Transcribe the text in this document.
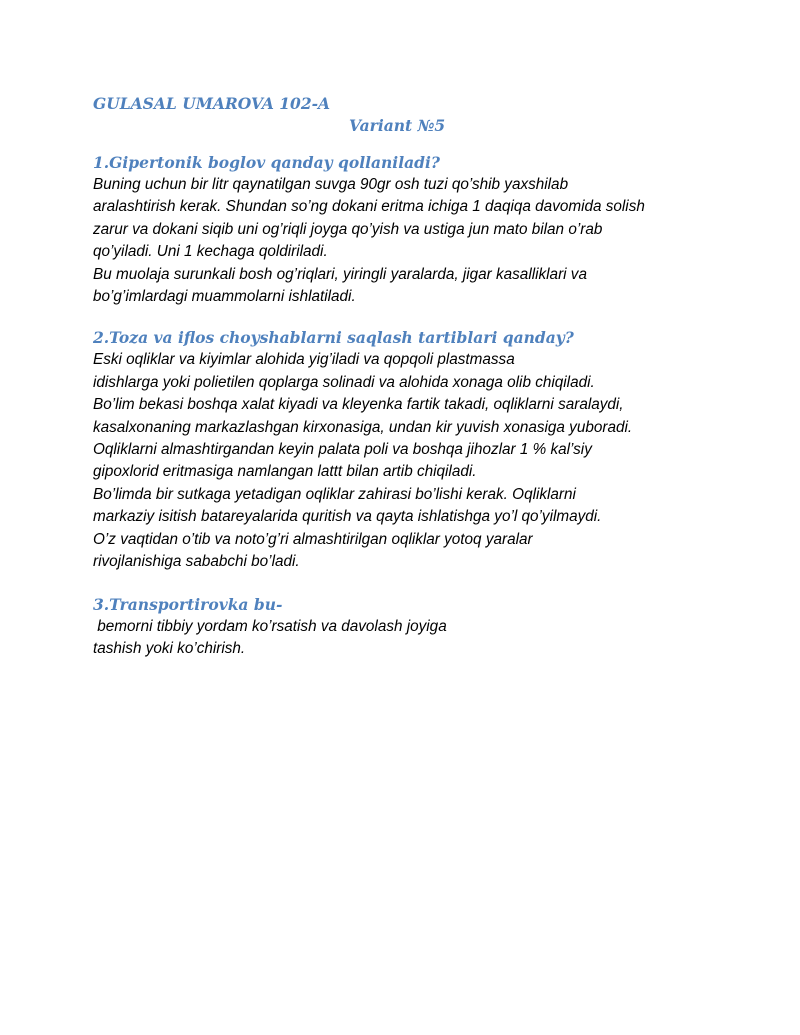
GULASAL UMAROVA 102-A

Variant №5

1.Gipertonik boglov qanday qollaniladi?

Buning uchun bir litr qaynatilgan suvga 90gr osh tuzi qo’shib yaxshilab

aralashtirish kerak. Shundan so’ng dokani eritma ichiga 1 daqiqa davomida solish

zarur va dokani siqib uni og’riqli joyga qo’yish va ustiga jun mato bilan o’rab

qo’yiladi. Uni 1 kechaga qoldiriladi.

Bu muolaja surunkali bosh og’riqlari, yiringli yaralarda, jigar kasalliklari va

bo’g’imlardagi muammolarni ishlatiladi.

2.Toza va iflos choyshablarni saqlash tartiblari qanday?

Eski oqliklar va kiyimlar alohida yig’iladi va qopqoli plastmassa

idishlarga yoki polietilen qoplarga solinadi va alohida xonaga olib chiqiladi.

Bo’lim bekasi boshqa xalat kiyadi va kleyenka fartik takadi, oqliklarni saralaydi,

kasalxonaning markazlashgan kirxonasiga, undan kir yuvish xonasiga yuboradi.

Oqliklarni almashtirgandan keyin palata poli va boshqa jihozlar 1 % kal’siy

gipoxlorid eritmasiga namlangan lattt bilan artib chiqiladi.

Bo’limda bir sutkaga yetadigan oqliklar zahirasi bo’lishi kerak. Oqliklarni

markaziy isitish batareyalarida quritish va qayta ishlatishga yo’l qo’yilmaydi.

O’z vaqtidan o’tib va noto’g’ri almashtirilgan oqliklar yotoq yaralar

rivojlanishiga sababchi bo’ladi.

3.Transportirovka bu-

bemorni tibbiy yordam ko’rsatish va davolash joyiga

tashish yoki ko’chirish.
